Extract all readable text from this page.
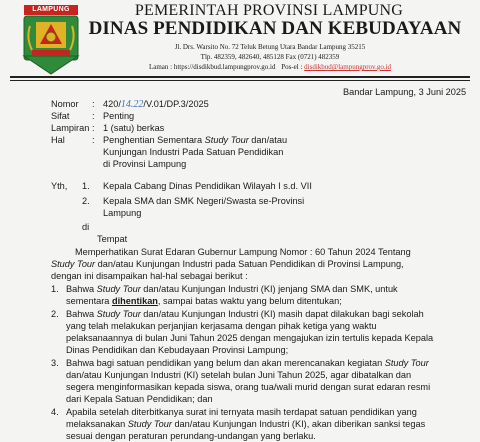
LAMPUNG	PEMERINTAH PROVINSI LAMPUNG
DINAS PENDIDIKAN DAN KEBUDAYAAN
Jl. Drs. Warsito No. 72 Teluk Betung Utara Bandar Lampung 35215
Tlp. 482359, 482640, 485128 Fax (0721) 482359
Laman : https://disdikbud.lampungprov.go.id Pos-el : disdikbud@lampungprov.go.id
Bandar Lampung, 3 Juni 2025
Nomor : 420/14.22/V.01/DP.3/2025
Sifat : Penting
Lampiran : 1 (satu) berkas
Hal	: Penghentian Sementara Study Tour dan/atau
Kunjungan Industri Pada Satuan Pendidikan
di Provinsi Lampung
Yth, 1. Kepala Cabang Dinas Pendidikan Wilayah I s.d. VII
2. Kepala SMA dan SMK Negeri/Swasta se-Provinsi
Lampung
di
Tempat
Memperhatikan Surat Edaran Gubernur Lampung Nomor : 60 Tahun 2024 Tentang
Study Tour dan/atau Kunjungan Industri pada Satuan Pendidikan di Provinsi Lampung,
dengan ini disampaikan hal-hal sebagai berikut :
1. Bahwa Study Tour dan/atau Kunjungan Industri (KI) jenjang SMA dan SMK, untuk
sementara dihentikan, sampai batas waktu yang belum ditentukan;
2. Bahwa Study Tour dan/atau Kunjungan Industri (KI) masih dapat dilakukan bagi sekolah
yang telah melakukan perjanjian kerjasama dengan pihak ketiga yang waktu
pelaksanaannya di bulan Juni Tahun 2025 dengan mengajukan izin tertulis kepada Kepala
Dinas Pendidikan dan Kebudayaan Provinsi Lampung;
3. Bahwa bagi satuan pendidikan yang belum dan akan merencanakan kegiatan Study Tour
dan/atau Kunjungan Industri (KI) setelah bulan Juni Tahun 2025, agar dibatalkan dan
segera menginformasikan kepada siswa, orang tua/wali murid dengan surat edaran resmi
dari Kepala Satuan Pendidikan; dan
4. Apabila setelah diterbitkanya surat ini ternyata masih terdapat satuan pendidikan yang
melaksanakan Study Tour dan/atau Kunjungan Industri (KI), akan diberikan sanksi tegas
sesuai dengan peraturan perundang-undangan yang berlaku.
